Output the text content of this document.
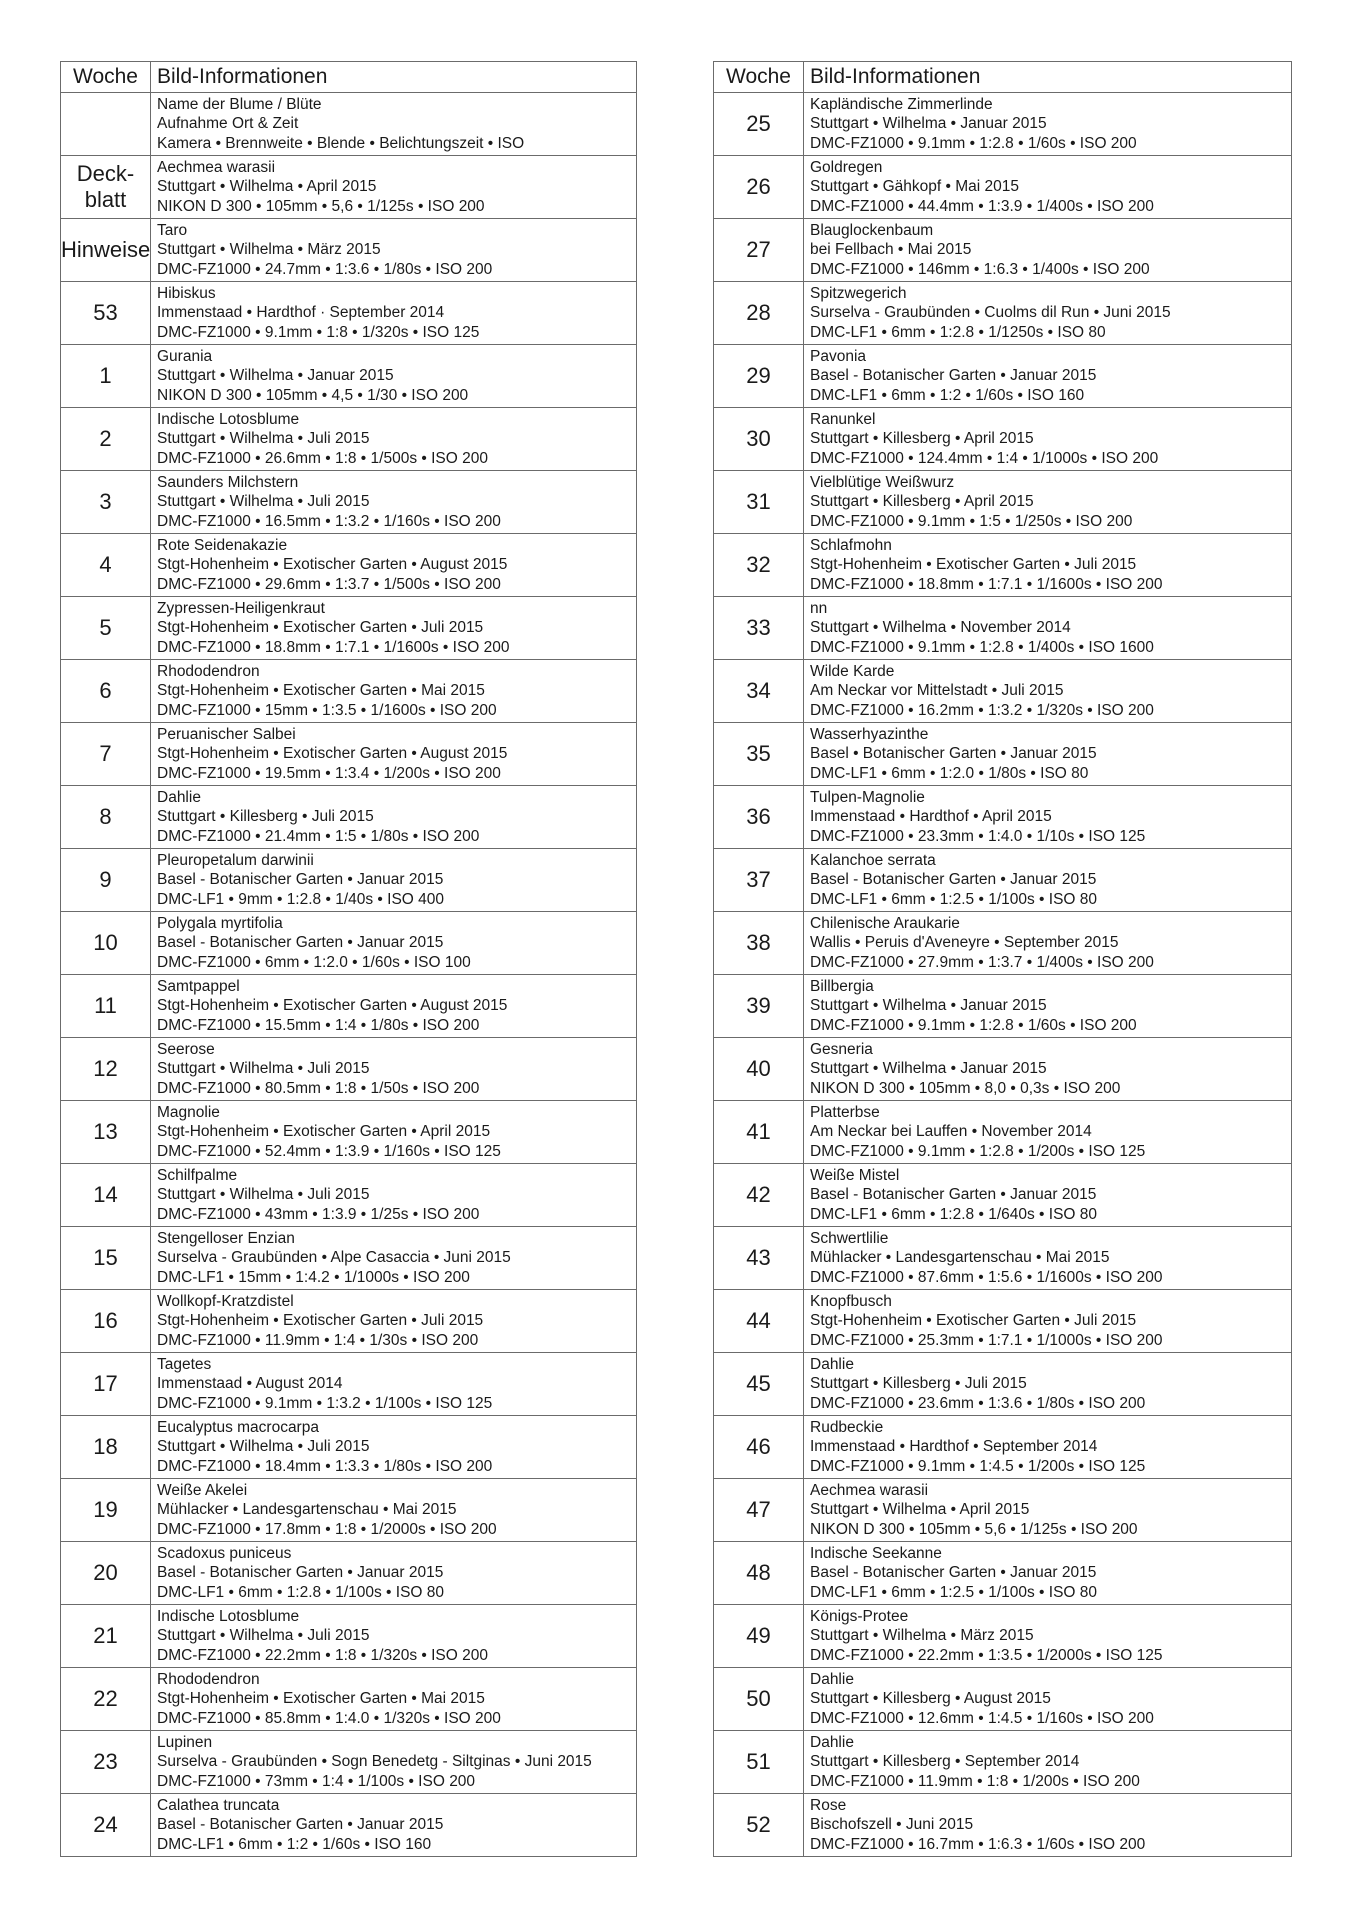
Woche	Bild-Informationen

	Name der Blume / Blüte
Aufnahme Ort & Zeit
Kamera • Brennweite • Blende • Belichtungszeit • ISO

Deck-
blatt	Aechmea warasii
Stuttgart • Wilhelma • April 2015
NIKON D 300 • 105mm • 5,6 • 1/125s • ISO 200

Hinweise	Taro
Stuttgart • Wilhelma • März 2015
DMC-FZ1000 • 24.7mm • 1:3.6 • 1/80s • ISO 200

53	Hibiskus
Immenstaad • Hardthof · September 2014
DMC-FZ1000 • 9.1mm • 1:8 • 1/320s • ISO 125

1	Gurania
Stuttgart • Wilhelma • Januar 2015
NIKON D 300 • 105mm • 4,5 • 1/30 • ISO 200

2	Indische Lotosblume
Stuttgart • Wilhelma • Juli 2015
DMC-FZ1000 • 26.6mm • 1:8 • 1/500s • ISO 200

3	Saunders Milchstern
Stuttgart • Wilhelma • Juli 2015
DMC-FZ1000 • 16.5mm • 1:3.2 • 1/160s • ISO 200

4	Rote Seidenakazie
Stgt-Hohenheim • Exotischer Garten • August 2015
DMC-FZ1000 • 29.6mm • 1:3.7 • 1/500s • ISO 200

5	Zypressen-Heiligenkraut
Stgt-Hohenheim • Exotischer Garten • Juli 2015
DMC-FZ1000 • 18.8mm • 1:7.1 • 1/1600s • ISO 200

6	Rhododendron
Stgt-Hohenheim • Exotischer Garten • Mai 2015
DMC-FZ1000 • 15mm • 1:3.5 • 1/1600s • ISO 200

7	Peruanischer Salbei
Stgt-Hohenheim • Exotischer Garten • August 2015
DMC-FZ1000 • 19.5mm • 1:3.4 • 1/200s • ISO 200

8	Dahlie
Stuttgart • Killesberg • Juli 2015
DMC-FZ1000 • 21.4mm • 1:5 • 1/80s • ISO 200

9	Pleuropetalum darwinii
Basel - Botanischer Garten • Januar 2015
DMC-LF1 • 9mm • 1:2.8 • 1/40s • ISO 400

10	Polygala myrtifolia
Basel - Botanischer Garten • Januar 2015
DMC-FZ1000 • 6mm • 1:2.0 • 1/60s • ISO 100

11	Samtpappel
Stgt-Hohenheim • Exotischer Garten • August 2015
DMC-FZ1000 • 15.5mm • 1:4 • 1/80s • ISO 200

12	Seerose
Stuttgart • Wilhelma • Juli 2015
DMC-FZ1000 • 80.5mm • 1:8 • 1/50s • ISO 200

13	Magnolie
Stgt-Hohenheim • Exotischer Garten • April 2015
DMC-FZ1000 • 52.4mm • 1:3.9 • 1/160s • ISO 125

14	Schilfpalme
Stuttgart • Wilhelma • Juli 2015
DMC-FZ1000 • 43mm • 1:3.9 • 1/25s • ISO 200

15	Stengelloser Enzian
Surselva - Graubünden • Alpe Casaccia • Juni 2015
DMC-LF1 • 15mm • 1:4.2 • 1/1000s • ISO 200

16	Wollkopf-Kratzdistel
Stgt-Hohenheim • Exotischer Garten • Juli 2015
DMC-FZ1000 • 11.9mm • 1:4 • 1/30s • ISO 200

17	Tagetes
Immenstaad • August 2014
DMC-FZ1000 • 9.1mm • 1:3.2 • 1/100s • ISO 125

18	Eucalyptus macrocarpa
Stuttgart • Wilhelma • Juli 2015
DMC-FZ1000 • 18.4mm • 1:3.3 • 1/80s • ISO 200

19	Weiße Akelei
Mühlacker • Landesgartenschau • Mai 2015
DMC-FZ1000 • 17.8mm • 1:8 • 1/2000s • ISO 200

20	Scadoxus puniceus
Basel - Botanischer Garten • Januar 2015
DMC-LF1 • 6mm • 1:2.8 • 1/100s • ISO 80

21	Indische Lotosblume
Stuttgart • Wilhelma • Juli 2015
DMC-FZ1000 • 22.2mm • 1:8 • 1/320s • ISO 200

22	Rhododendron
Stgt-Hohenheim • Exotischer Garten • Mai 2015
DMC-FZ1000 • 85.8mm • 1:4.0 • 1/320s • ISO 200

23	Lupinen
Surselva - Graubünden • Sogn Benedetg - Siltginas • Juni 2015
DMC-FZ1000 • 73mm • 1:4 • 1/100s • ISO 200

24	Calathea truncata
Basel - Botanischer Garten • Januar 2015
DMC-LF1 • 6mm • 1:2 • 1/60s • ISO 160
Woche	Bild-Informationen

25	Kapländische Zimmerlinde
Stuttgart • Wilhelma • Januar 2015
DMC-FZ1000 • 9.1mm • 1:2.8 • 1/60s • ISO 200

26	Goldregen
Stuttgart • Gähkopf • Mai 2015
DMC-FZ1000 • 44.4mm • 1:3.9 • 1/400s • ISO 200

27	Blauglockenbaum
bei Fellbach • Mai 2015
DMC-FZ1000 • 146mm • 1:6.3 • 1/400s • ISO 200

28	Spitzwegerich
Surselva - Graubünden • Cuolms dil Run • Juni 2015
DMC-LF1 • 6mm • 1:2.8 • 1/1250s • ISO 80

29	Pavonia
Basel - Botanischer Garten • Januar 2015
DMC-LF1 • 6mm • 1:2 • 1/60s • ISO 160

30	Ranunkel
Stuttgart • Killesberg • April 2015
DMC-FZ1000 • 124.4mm • 1:4 • 1/1000s • ISO 200

31	Vielblütige Weißwurz
Stuttgart • Killesberg • April 2015
DMC-FZ1000 • 9.1mm • 1:5 • 1/250s • ISO 200

32	Schlafmohn
Stgt-Hohenheim • Exotischer Garten • Juli 2015
DMC-FZ1000 • 18.8mm • 1:7.1 • 1/1600s • ISO 200

33	nn
Stuttgart • Wilhelma • November 2014
DMC-FZ1000 • 9.1mm • 1:2.8 • 1/400s • ISO 1600

34	Wilde Karde
Am Neckar vor Mittelstadt • Juli 2015
DMC-FZ1000 • 16.2mm • 1:3.2 • 1/320s • ISO 200

35	Wasserhyazinthe
Basel • Botanischer Garten • Januar 2015
DMC-LF1 • 6mm • 1:2.0 • 1/80s • ISO 80

36	Tulpen-Magnolie
Immenstaad • Hardthof • April 2015
DMC-FZ1000 • 23.3mm • 1:4.0 • 1/10s • ISO 125

37	Kalanchoe serrata
Basel - Botanischer Garten • Januar 2015
DMC-LF1 • 6mm • 1:2.5 • 1/100s • ISO 80

38	Chilenische Araukarie
Wallis • Peruis d'Aveneyre • September 2015
DMC-FZ1000 • 27.9mm • 1:3.7 • 1/400s • ISO 200

39	Billbergia
Stuttgart • Wilhelma • Januar 2015
DMC-FZ1000 • 9.1mm • 1:2.8 • 1/60s • ISO 200

40	Gesneria
Stuttgart • Wilhelma • Januar 2015
NIKON D 300 • 105mm • 8,0 • 0,3s • ISO 200

41	Platterbse
Am Neckar bei Lauffen • November 2014
DMC-FZ1000 • 9.1mm • 1:2.8 • 1/200s • ISO 125

42	Weiße Mistel
Basel - Botanischer Garten • Januar 2015
DMC-LF1 • 6mm • 1:2.8 • 1/640s • ISO 80

43	Schwertlilie
Mühlacker • Landesgartenschau • Mai 2015
DMC-FZ1000 • 87.6mm • 1:5.6 • 1/1600s • ISO 200

44	Knopfbusch
Stgt-Hohenheim • Exotischer Garten • Juli 2015
DMC-FZ1000 • 25.3mm • 1:7.1 • 1/1000s • ISO 200

45	Dahlie
Stuttgart • Killesberg • Juli 2015
DMC-FZ1000 • 23.6mm • 1:3.6 • 1/80s • ISO 200

46	Rudbeckie
Immenstaad • Hardthof • September 2014
DMC-FZ1000 • 9.1mm • 1:4.5 • 1/200s • ISO 125

47	Aechmea warasii
Stuttgart • Wilhelma • April 2015
NIKON D 300 • 105mm • 5,6 • 1/125s • ISO 200

48	Indische Seekanne
Basel - Botanischer Garten • Januar 2015
DMC-LF1 • 6mm • 1:2.5 • 1/100s • ISO 80

49	Königs-Protee
Stuttgart • Wilhelma • März 2015
DMC-FZ1000 • 22.2mm • 1:3.5 • 1/2000s • ISO 125

50	Dahlie
Stuttgart • Killesberg • August 2015
DMC-FZ1000 • 12.6mm • 1:4.5 • 1/160s • ISO 200

51	Dahlie
Stuttgart • Killesberg • September 2014
DMC-FZ1000 • 11.9mm • 1:8 • 1/200s • ISO 200

52	Rose
Bischofszell • Juni 2015
DMC-FZ1000 • 16.7mm • 1:6.3 • 1/60s • ISO 200
